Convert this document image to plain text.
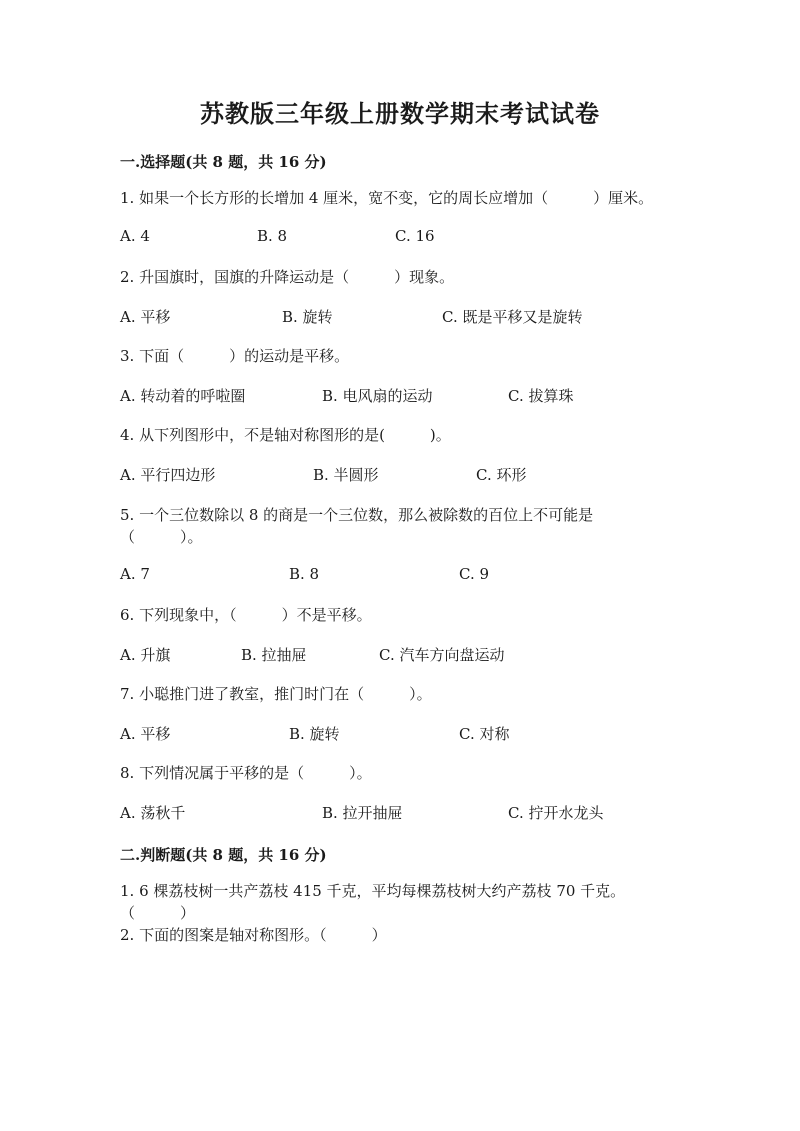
苏教版三年级上册数学期末考试试卷
一.选择题(共 8 题，共 16 分)
1. 如果一个长方形的长增加 4 厘米，宽不变，它的周长应增加（　　　）厘米。
A. 4	B. 8	C. 16
2. 升国旗时，国旗的升降运动是（　　　）现象。
A. 平移	B. 旋转	C. 既是平移又是旋转
3. 下面（　　　）的运动是平移。
A. 转动着的呼啦圈	B. 电风扇的运动	C. 拔算珠
4. 从下列图形中，不是轴对称图形的是(　　　)。
A. 平行四边形	B. 半圆形	C. 环形
5. 一个三位数除以 8 的商是一个三位数，那么被除数的百位上不可能是
（　　　）。
A. 7	B. 8	C. 9
6. 下列现象中，（　　　）不是平移。
A. 升旗	B. 拉抽屉	C. 汽车方向盘运动
7. 小聪推门进了教室，推门时门在（　　　）。
A. 平移	B. 旋转	C. 对称
8. 下列情况属于平移的是（　　　）。
A. 荡秋千	B. 拉开抽屉	C. 拧开水龙头
二.判断题(共 8 题，共 16 分)
1. 6 棵荔枝树一共产荔枝 415 千克，平均每棵荔枝树大约产荔枝 70 千克。
（　　　）
2. 下面的图案是轴对称图形。（　　　）
